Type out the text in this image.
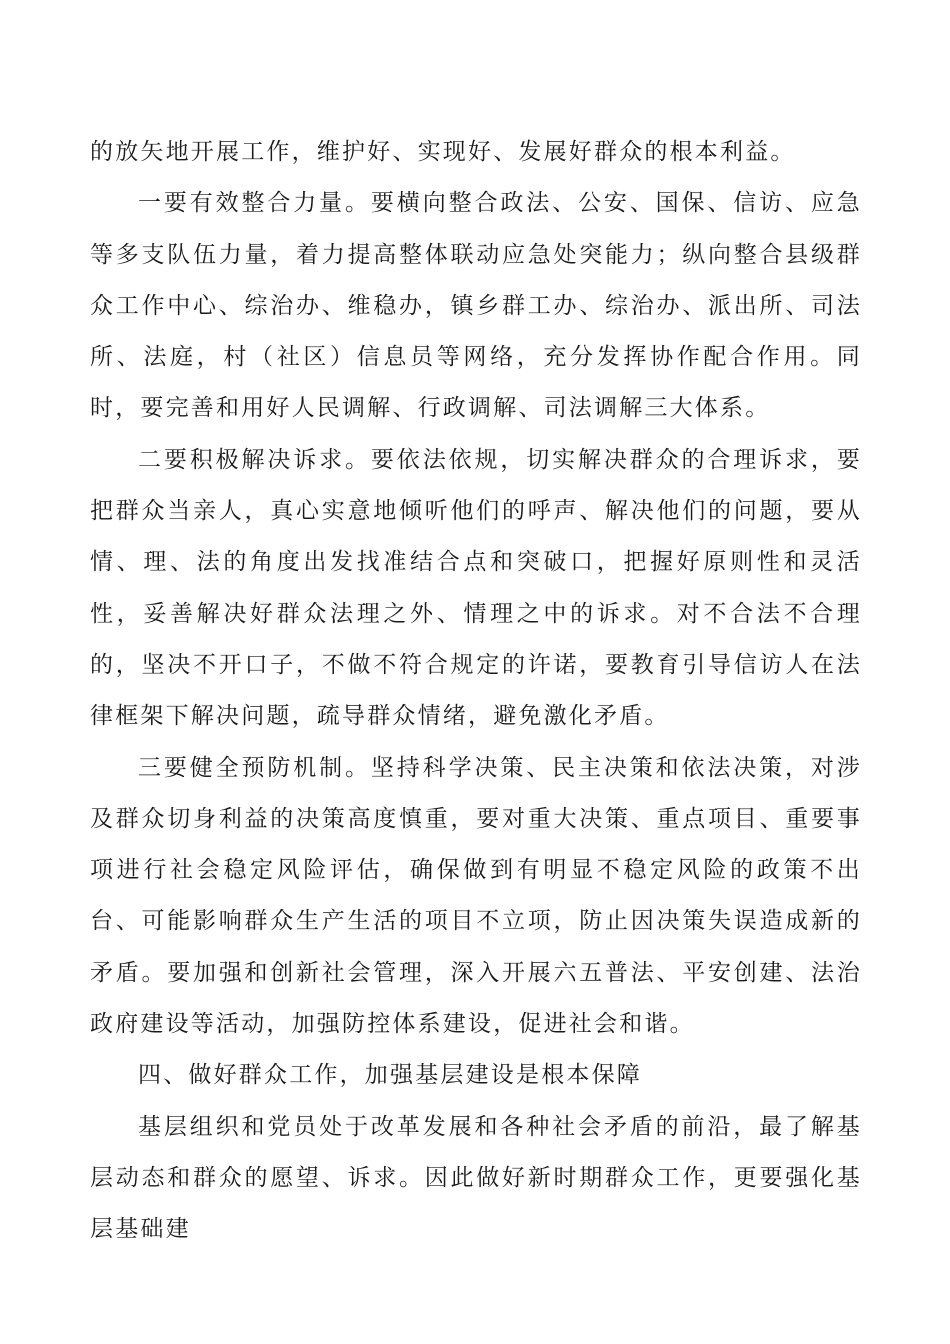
的放矢地开展工作，维护好、实现好、发展好群众的根本利益。

一要有效整合力量。要横向整合政法、公安、国保、信访、应急等多支队伍力量，着力提高整体联动应急处突能力；纵向整合县级群众工作中心、综治办、维稳办，镇乡群工办、综治办、派出所、司法所、法庭，村（社区）信息员等网络，充分发挥协作配合作用。同时，要完善和用好人民调解、行政调解、司法调解三大体系。

二要积极解决诉求。要依法依规，切实解决群众的合理诉求，要把群众当亲人，真心实意地倾听他们的呼声、解决他们的问题，要从情、理、法的角度出发找准结合点和突破口，把握好原则性和灵活性，妥善解决好群众法理之外、情理之中的诉求。对不合法不合理的，坚决不开口子，不做不符合规定的许诺，要教育引导信访人在法律框架下解决问题，疏导群众情绪，避免激化矛盾。

三要健全预防机制。坚持科学决策、民主决策和依法决策，对涉及群众切身利益的决策高度慎重，要对重大决策、重点项目、重要事项进行社会稳定风险评估，确保做到有明显不稳定风险的政策不出台、可能影响群众生产生活的项目不立项，防止因决策失误造成新的矛盾。要加强和创新社会管理，深入开展六五普法、平安创建、法治政府建设等活动，加强防控体系建设，促进社会和谐。

四、做好群众工作，加强基层建设是根本保障

基层组织和党员处于改革发展和各种社会矛盾的前沿，最了解基层动态和群众的愿望、诉求。因此做好新时期群众工作，更要强化基层基础建
